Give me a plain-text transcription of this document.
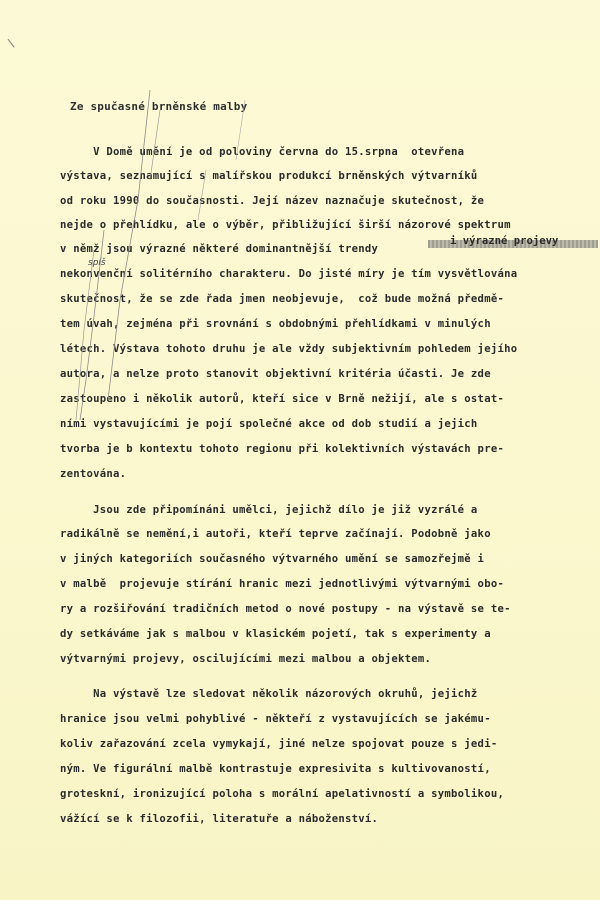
\
Ze spučasné brněnské malby
V Domě umění je od poloviny června do 15.srpna  otevřena
výstava, seznamující s malířskou produkcí brněnských výtvarníků
od roku 1990 do současnosti. Její název naznačuje skutečnost, že
nejde o přehlídku, ale o výběr, přibližující širší názorové spektrum
v němž jsou výrazné některé dominantnější trendy
nekonvenční solitérního charakteru. Do jisté míry je tím vysvětlována
skutečnost, že se zde řada jmen neobjevuje,  což bude možná předmě-
tem úvah, zejména při srovnání s obdobnými přehlídkami v minulých
létech. Výstava tohoto druhu je ale vždy subjektivním pohledem jejího
autora, a nelze proto stanovit objektivní kritéria účasti. Je zde
zastoupeno i několik autorů, kteří sice v Brně nežijí, ale s ostat-
ními vystavujícími je pojí společné akce od dob studií a jejich
tvorba je b kontextu tohoto regionu při kolektivních výstavách pre-
zentována.
Jsou zde připomínáni umělci, jejichž dílo je již vyzrálé a
radikálně se nemění,i autoři, kteří teprve začínají. Podobně jako
v jiných kategoriích současného výtvarného umění se samozřejmě i
v malbě  projevuje stírání hranic mezi jednotlivými výtvarnými obo-
ry a rozšiřování tradičních metod o nové postupy - na výstavě se te-
dy setkáváme jak s malbou v klasickém pojetí, tak s experimenty a
výtvarnými projevy, oscilujícími mezi malbou a objektem.
Na výstavě lze sledovat několik názorových okruhů, jejichž
hranice jsou velmi pohyblivé - někteří z vystavujících se jakému-
koliv zařazování zcela vymykají, jiné nelze spojovat pouze s jedi-
ným. Ve figurální malbě kontrastuje expresivita s kultivovaností,
groteskní, ironizující poloha s morální apelativností a symbolikou,
vážící se k filozofii, literatuře a náboženství.
i výrazné projevy
spíš
